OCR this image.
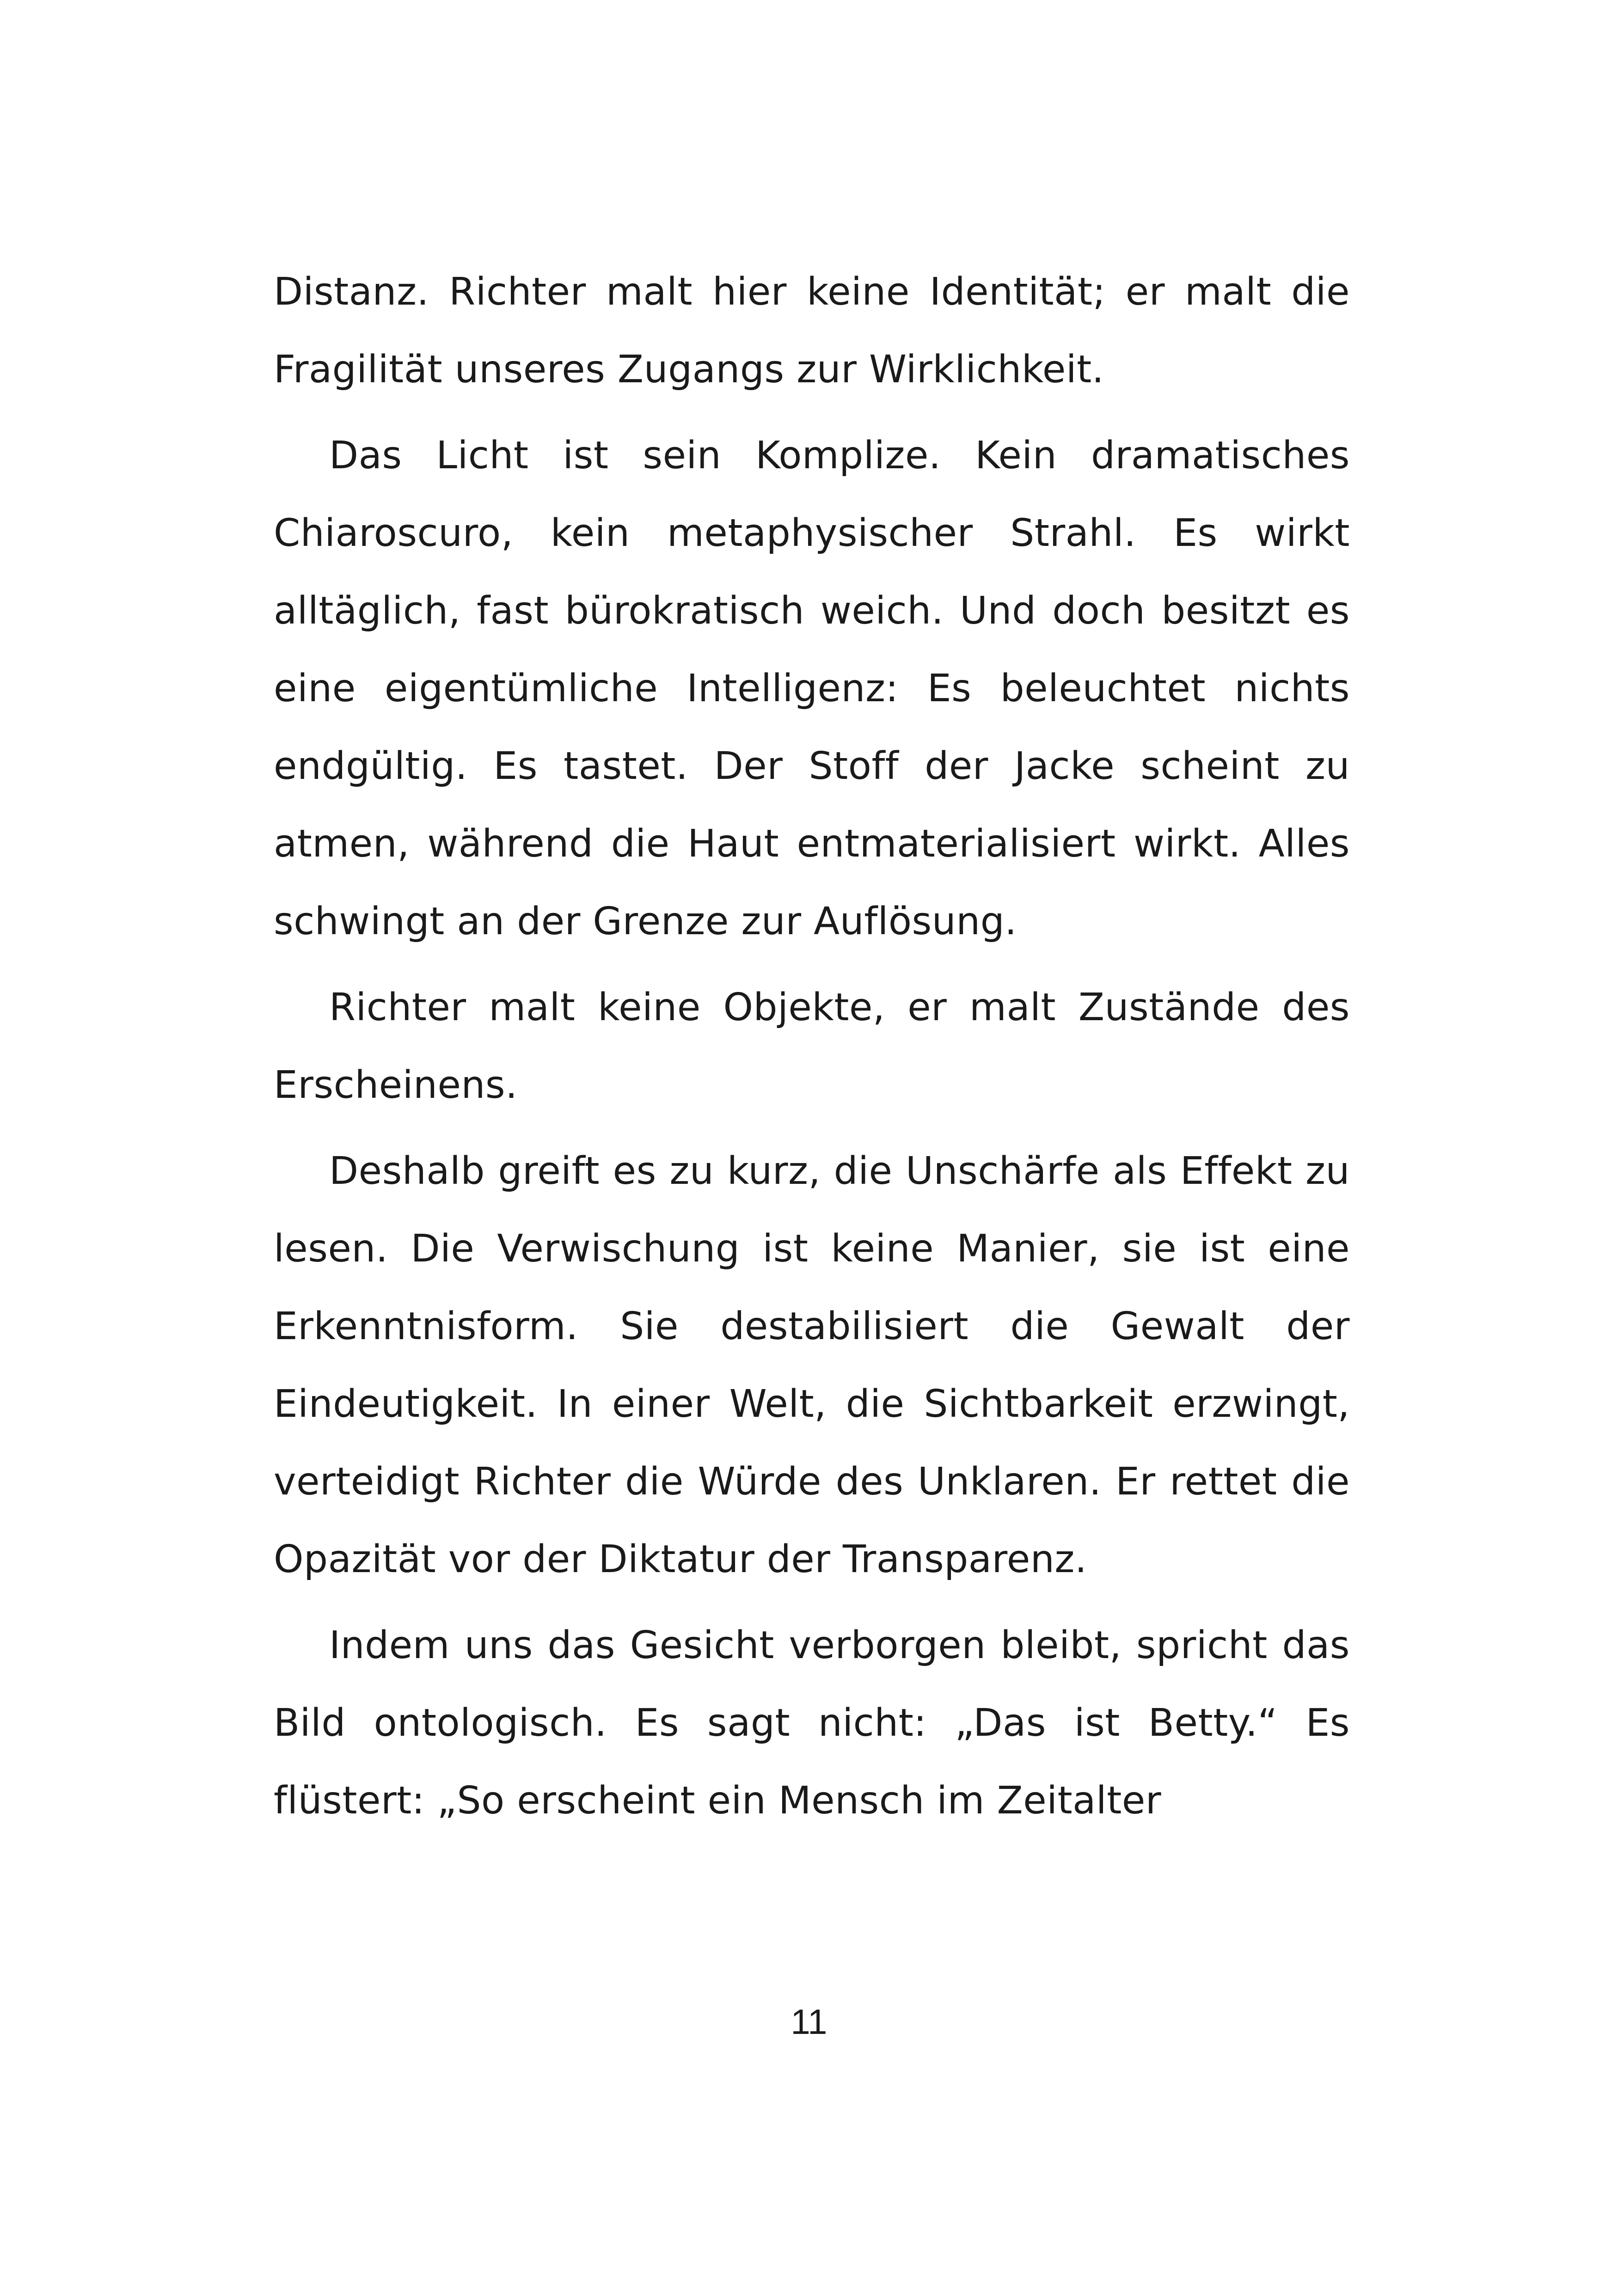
Distanz. Richter malt hier keine Identität; er malt die Fragilität unseres Zugangs zur Wirklichkeit.

Das Licht ist sein Komplize. Kein dramatisches Chiaroscuro, kein metaphysischer Strahl. Es wirkt alltäglich, fast bürokratisch weich. Und doch besitzt es eine eigentümliche Intelligenz: Es beleuchtet nichts endgültig. Es tastet. Der Stoff der Jacke scheint zu atmen, während die Haut entmaterialisiert wirkt. Alles schwingt an der Grenze zur Auflösung.

Richter malt keine Objekte, er malt Zustände des Erscheinens.

Deshalb greift es zu kurz, die Unschärfe als Effekt zu lesen. Die Verwischung ist keine Manier, sie ist eine Erkenntnisform. Sie destabilisiert die Gewalt der Eindeutigkeit. In einer Welt, die Sichtbarkeit erzwingt, verteidigt Richter die Würde des Unklaren. Er rettet die Opazität vor der Diktatur der Transparenz.

Indem uns das Gesicht verborgen bleibt, spricht das Bild ontologisch. Es sagt nicht: „Das ist Betty.“ Es flüstert: „So erscheint ein Mensch im Zeitalter

11
